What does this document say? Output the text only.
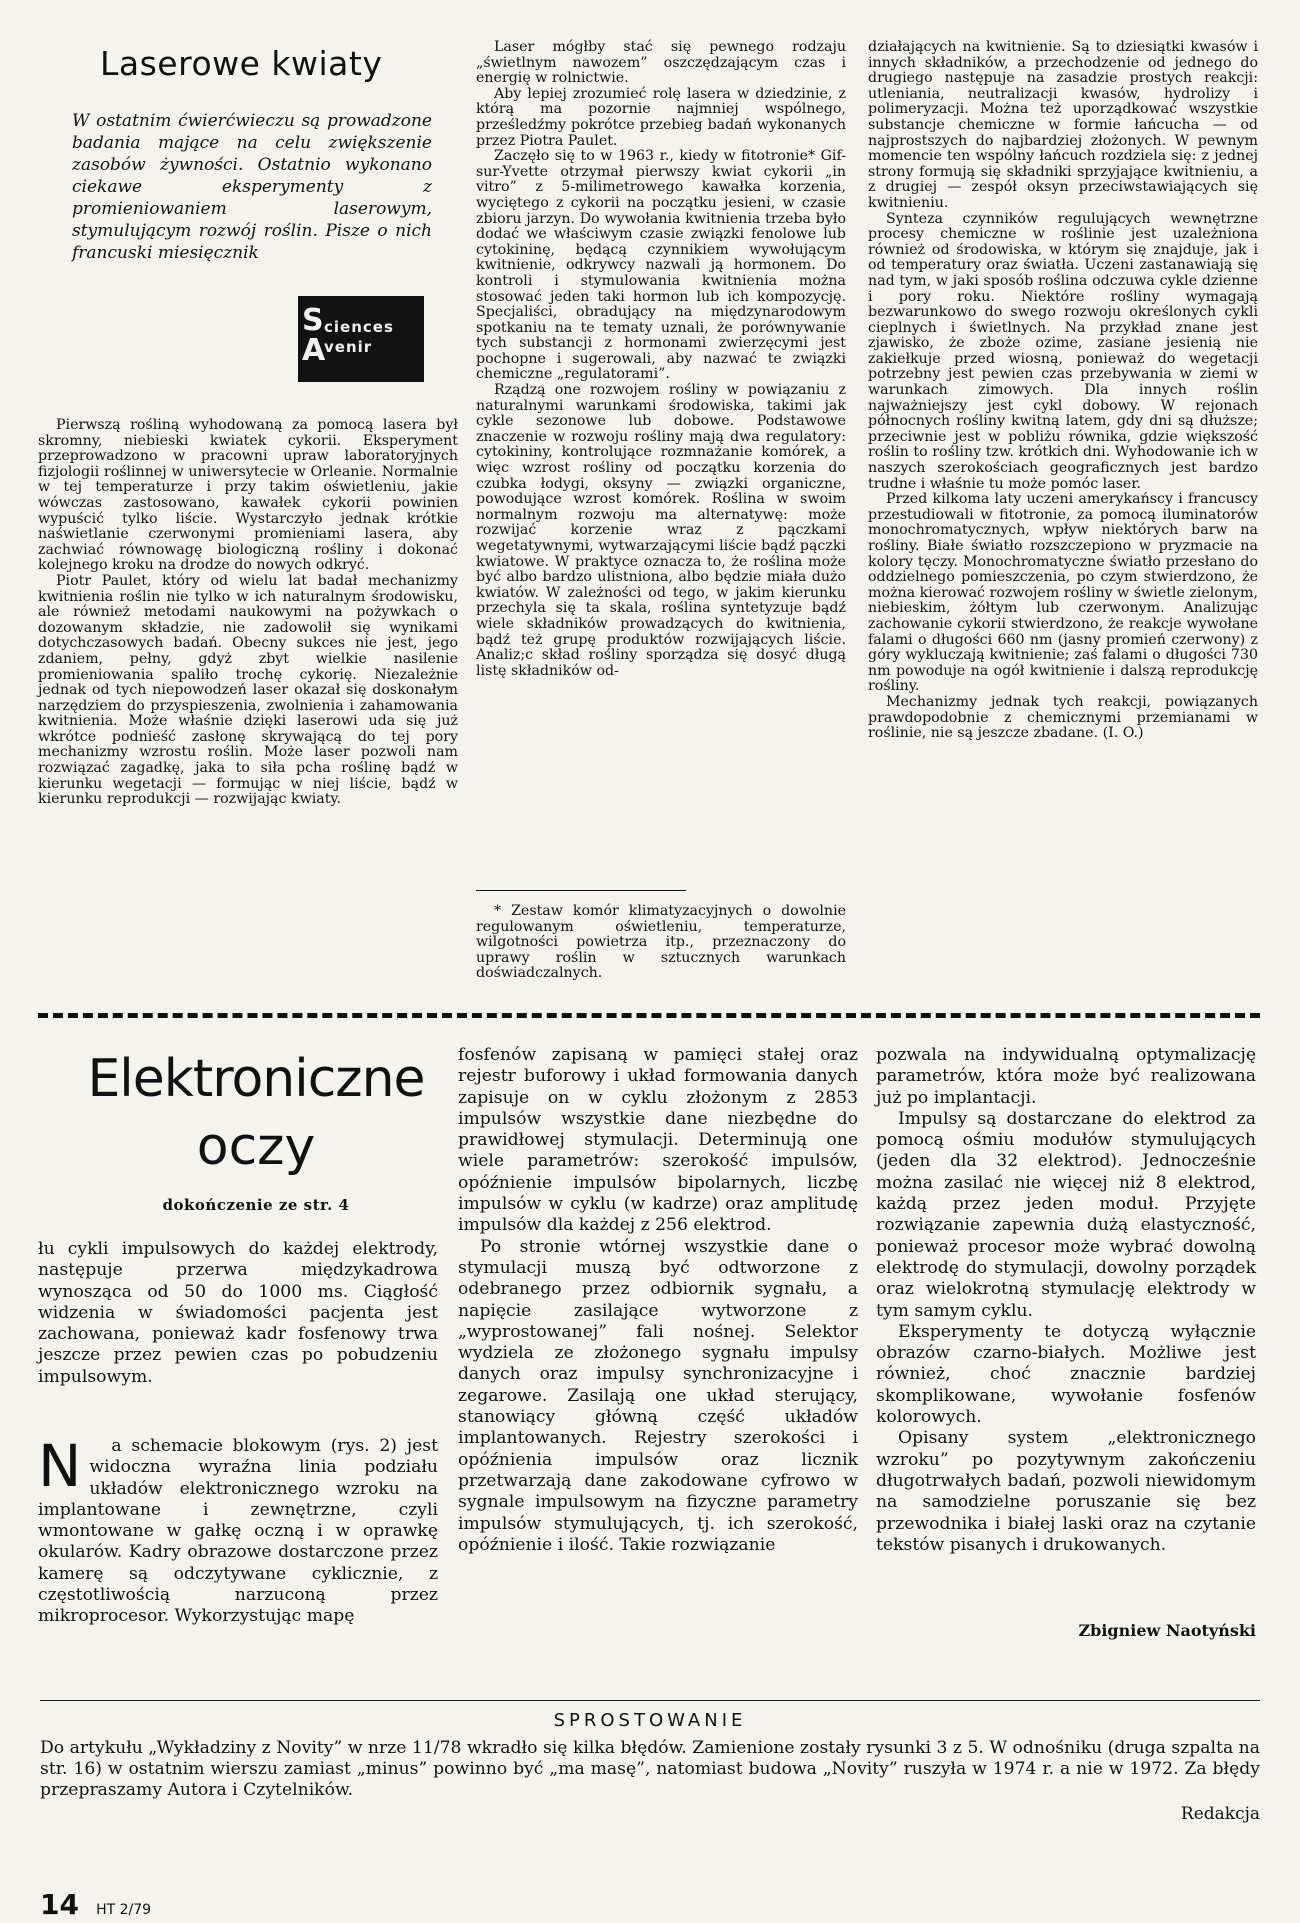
Laserowe kwiaty

W ostatnim ćwierćwieczu są prowadzone badania mające na celu zwiększenie zasobów żywności. Ostatnio wykonano ciekawe eksperymenty z promieniowaniem laserowym, stymulującym rozwój roślin. Pisze o nich francuski miesięcznik

S ciences
A
venir

Pierwszą rośliną wyhodowaną za pomocą lasera był skromny, niebieski kwiatek cykorii. Eksperyment przeprowadzono w pracowni upraw laboratoryjnych fizjologii roślinnej w uniwersytecie w Orleanie. Normalnie w tej temperaturze i przy takim oświetleniu, jakie wówczas zastosowano, kawałek cykorii powinien wypuścić tylko liście. Wystarczyło jednak krótkie naświetlanie czerwonymi promieniami lasera, aby zachwiać równowagę biologiczną rośliny i dokonać kolejnego kroku na drodze do nowych odkryć.

Piotr Paulet, który od wielu lat badał mechanizmy kwitnienia roślin nie tylko w ich naturalnym środowisku, ale również metodami naukowymi na pożywkach o dozowanym składzie, nie zadowolił się wynikami dotychczasowych badań. Obecny sukces nie jest, jego zdaniem, pełny, gdyż zbyt wielkie nasilenie promieniowania spaliło trochę cykorię. Niezależnie jednak od tych niepowodzeń laser okazał się doskonałym narzędziem do przyspieszenia, zwolnienia i zahamowania kwitnienia. Może właśnie dzięki laserowi uda się już wkrótce podnieść zasłonę skrywającą do tej pory mechanizmy wzrostu roślin. Może laser pozwoli nam rozwiązać zagadkę, jaka to siła pcha roślinę bądź w kierunku wegetacji — formując w niej liście, bądź w kierunku reprodukcji — rozwijając kwiaty.

Laser mógłby stać się pewnego rodzaju „świetlnym nawozem” oszczędzającym czas i energię w rolnictwie.

Aby lepiej zrozumieć rolę lasera w dziedzinie, z którą ma pozornie najmniej wspólnego, prześledźmy pokrótce przebieg badań wykonanych przez Piotra Paulet.

Zaczęło się to w 1963 r., kiedy w fitotronie* Gif-sur-Yvette otrzymał pierwszy kwiat cykorii „in vitro” z 5-milimetrowego kawałka korzenia, wyciętego z cykorii na początku jesieni, w czasie zbioru jarzyn. Do wywołania kwitnienia trzeba było dodać we właściwym czasie związki fenolowe lub cytokininę, będącą czynnikiem wywołującym kwitnienie, odkrywcy nazwali ją hormonem. Do kontroli i stymulowania kwitnienia można stosować jeden taki hormon lub ich kompozycję. Specjaliści, obradujący na międzynarodowym spotkaniu na te tematy uznali, że porównywanie tych substancji z hormonami zwierzęcymi jest pochopne i sugerowali, aby nazwać te związki chemiczne „regulatorami”.

Rządzą one rozwojem rośliny w powiązaniu z naturalnymi warunkami środowiska, takimi jak cykle sezonowe lub dobowe. Podstawowe znaczenie w rozwoju rośliny mają dwa regulatory: cytokininy, kontrolujące rozmnażanie komórek, a więc wzrost rośliny od początku korzenia do czubka łodygi, oksyny — związki organiczne, powodujące wzrost komórek. Roślina w swoim normalnym rozwoju ma alternatywę: może rozwijać korzenie wraz z pączkami wegetatywnymi, wytwarzającymi liście bądź pączki kwiatowe. W praktyce oznacza to, że roślina może być albo bardzo ulistniona, albo będzie miała dużo kwiatów. W zależności od tego, w jakim kierunku przechyla się ta skala, roślina syntetyzuje bądź wiele składników prowadzących do kwitnienia, bądź też grupę produktów rozwijających liście. Analiz;c skład rośliny sporządza się dosyć długą listę składników od-

* Zestaw komór klimatyzacyjnych o dowolnie regulowanym oświetleniu, temperaturze, wilgotności powietrza itp., przeznaczony do uprawy roślin w sztucznych warunkach doświadczalnych.

działających na kwitnienie. Są to dziesiątki kwasów i innych składników, a przechodzenie od jednego do drugiego następuje na zasadzie prostych reakcji: utleniania, neutralizacji kwasów, hydrolizy i polimeryzacji. Można też uporządkować wszystkie substancje chemiczne w formie łańcucha — od najprostszych do najbardziej złożonych. W pewnym momencie ten wspólny łańcuch rozdziela się: z jednej strony formują się składniki sprzyjające kwitnieniu, a z drugiej — zespół oksyn przeciwstawiających się kwitnieniu.

Synteza czynników regulujących wewnętrzne procesy chemiczne w roślinie jest uzależniona również od środowiska, w którym się znajduje, jak i od temperatury oraz światła. Uczeni zastanawiają się nad tym, w jaki sposób roślina odczuwa cykle dzienne i pory roku. Niektóre rośliny wymagają bezwarunkowo do swego rozwoju określonych cykli cieplnych i świetlnych. Na przykład znane jest zjawisko, że zboże ozime, zasiane jesienią nie zakiełkuje przed wiosną, ponieważ do wegetacji potrzebny jest pewien czas przebywania w ziemi w warunkach zimowych. Dla innych roślin najważniejszy jest cykl dobowy. W rejonach północnych rośliny kwitną latem, gdy dni są dłuższe; przeciwnie jest w pobliżu równika, gdzie większość roślin to rośliny tzw. krótkich dni. Wyhodowanie ich w naszych szerokościach geograficznych jest bardzo trudne i właśnie tu może pomóc laser.

Przed kilkoma laty uczeni amerykańscy i francuscy przestudiowali w fitotronie, za pomocą iluminatorów monochromatycznych, wpływ niektórych barw na rośliny. Białe światło rozszczepiono w pryzmacie na kolory tęczy. Monochromatyczne światło przesłano do oddzielnego pomieszczenia, po czym stwierdzono, że można kierować rozwojem rośliny w świetle zielonym, niebieskim, żółtym lub czerwonym. Analizując zachowanie cykorii stwierdzono, że reakcje wywołane falami o długości 660 nm (jasny promień czerwony) z góry wykluczają kwitnienie; zaś falami o długości 730 nm powoduje na ogół kwitnienie i dalszą reprodukcję rośliny.

Mechanizmy jednak tych reakcji, powiązanych prawdopodobnie z chemicznymi przemianami w roślinie, nie są jeszcze zbadane. (I. O.)

Elektroniczne
oczy
dokończenie ze str. 4

łu cykli impulsowych do każdej elektrody, następuje przerwa międzykadrowa wynosząca od 50 do 1000 ms. Ciągłość widzenia w świadomości pacjenta jest zachowana, ponieważ kadr fosfenowy trwa jeszcze przez pewien czas po pobudzeniu impulsowym.

N	a schemacie blokowym (rys. 2) jest widoczna wyraźna linia podziału układów elektronicznego wzroku na implantowane i zewnętrzne, czyli wmontowane w gałkę oczną i w oprawkę okularów. Kadry obrazowe dostarczone przez kamerę są odczytywane cyklicznie, z częstotliwością narzuconą przez mikroprocesor. Wykorzystując mapę

fosfenów zapisaną w pamięci stałej oraz rejestr buforowy i układ formowania danych zapisuje on w cyklu złożonym z 2853 impulsów wszystkie dane niezbędne do prawidłowej stymulacji. Determinują one wiele parametrów: szerokość impulsów, opóźnienie impulsów bipolarnych, liczbę impulsów w cyklu (w kadrze) oraz amplitudę impulsów dla każdej z 256 elektrod.

Po stronie wtórnej wszystkie dane o stymulacji muszą być odtworzone z odebranego przez odbiornik sygnału, a napięcie zasilające wytworzone z „wyprostowanej” fali nośnej. Selektor wydziela ze złożonego sygnału impulsy danych oraz impulsy synchronizacyjne i zegarowe. Zasilają one układ sterujący, stanowiący główną część układów implantowanych. Rejestry szerokości i opóźnienia impulsów oraz licznik przetwarzają dane zakodowane cyfrowo w sygnale impulsowym na fizyczne parametry impulsów stymulujących, tj. ich szerokość, opóźnienie i ilość. Takie rozwiązanie

pozwala na indywidualną optymalizację parametrów, która może być realizowana już po implantacji.

Impulsy są dostarczane do elektrod za pomocą ośmiu modułów stymulujących (jeden dla 32 elektrod). Jednocześnie można zasilać nie więcej niż 8 elektrod, każdą przez jeden moduł. Przyjęte rozwiązanie zapewnia dużą elastyczność, ponieważ procesor może wybrać dowolną elektrodę do stymulacji, dowolny porządek oraz wielokrotną stymulację elektrody w tym samym cyklu.

Eksperymenty te dotyczą wyłącznie obrazów czarno-białych. Możliwe jest również, choć znacznie bardziej skomplikowane, wywołanie fosfenów kolorowych.

Opisany system „elektronicznego wzroku” po pozytywnym zakończeniu długotrwałych badań, pozwoli niewidomym na samodzielne poruszanie się bez przewodnika i białej laski oraz na czytanie tekstów pisanych i drukowanych.

Zbigniew Naotyński

SPROSTOWANIE

Do artykułu „Wykładziny z Novity” w nrze 11/78 wkradło się kilka błędów. Zamienione zostały rysunki 3 z 5. W odnośniku (druga szpalta na str. 16) w ostatnim wierszu zamiast „minus” powinno być „ma masę”, natomiast budowa „Novity” ruszyła w 1974 r. a nie w 1972. Za błędy przepraszamy Autora i Czytelników.

Redakcja
14 HT 2/79
